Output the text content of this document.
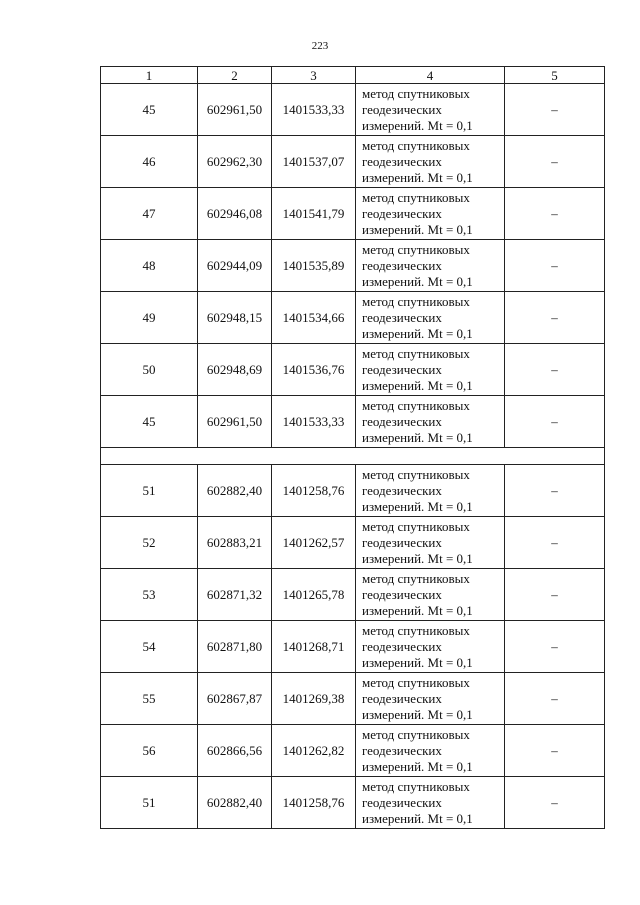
223
1	2	3	4	5
45	602961,50	1401533,33	метод спутниковых
геодезических
измерений. Mt = 0,1	–
46	602962,30	1401537,07	метод спутниковых
геодезических
измерений. Mt = 0,1	–
47	602946,08	1401541,79	метод спутниковых
геодезических
измерений. Mt = 0,1	–
48	602944,09	1401535,89	метод спутниковых
геодезических
измерений. Mt = 0,1	–
49	602948,15	1401534,66	метод спутниковых
геодезических
измерений. Mt = 0,1	–
50	602948,69	1401536,76	метод спутниковых
геодезических
измерений. Mt = 0,1	–
45	602961,50	1401533,33	метод спутниковых
геодезических
измерений. Mt = 0,1	–

51	602882,40	1401258,76	метод спутниковых
геодезических
измерений. Mt = 0,1	–
52	602883,21	1401262,57	метод спутниковых
геодезических
измерений. Mt = 0,1	–
53	602871,32	1401265,78	метод спутниковых
геодезических
измерений. Mt = 0,1	–
54	602871,80	1401268,71	метод спутниковых
геодезических
измерений. Mt = 0,1	–
55	602867,87	1401269,38	метод спутниковых
геодезических
измерений. Mt = 0,1	–
56	602866,56	1401262,82	метод спутниковых
геодезических
измерений. Mt = 0,1	–
51	602882,40	1401258,76	метод спутниковых
геодезических
измерений. Mt = 0,1	–
